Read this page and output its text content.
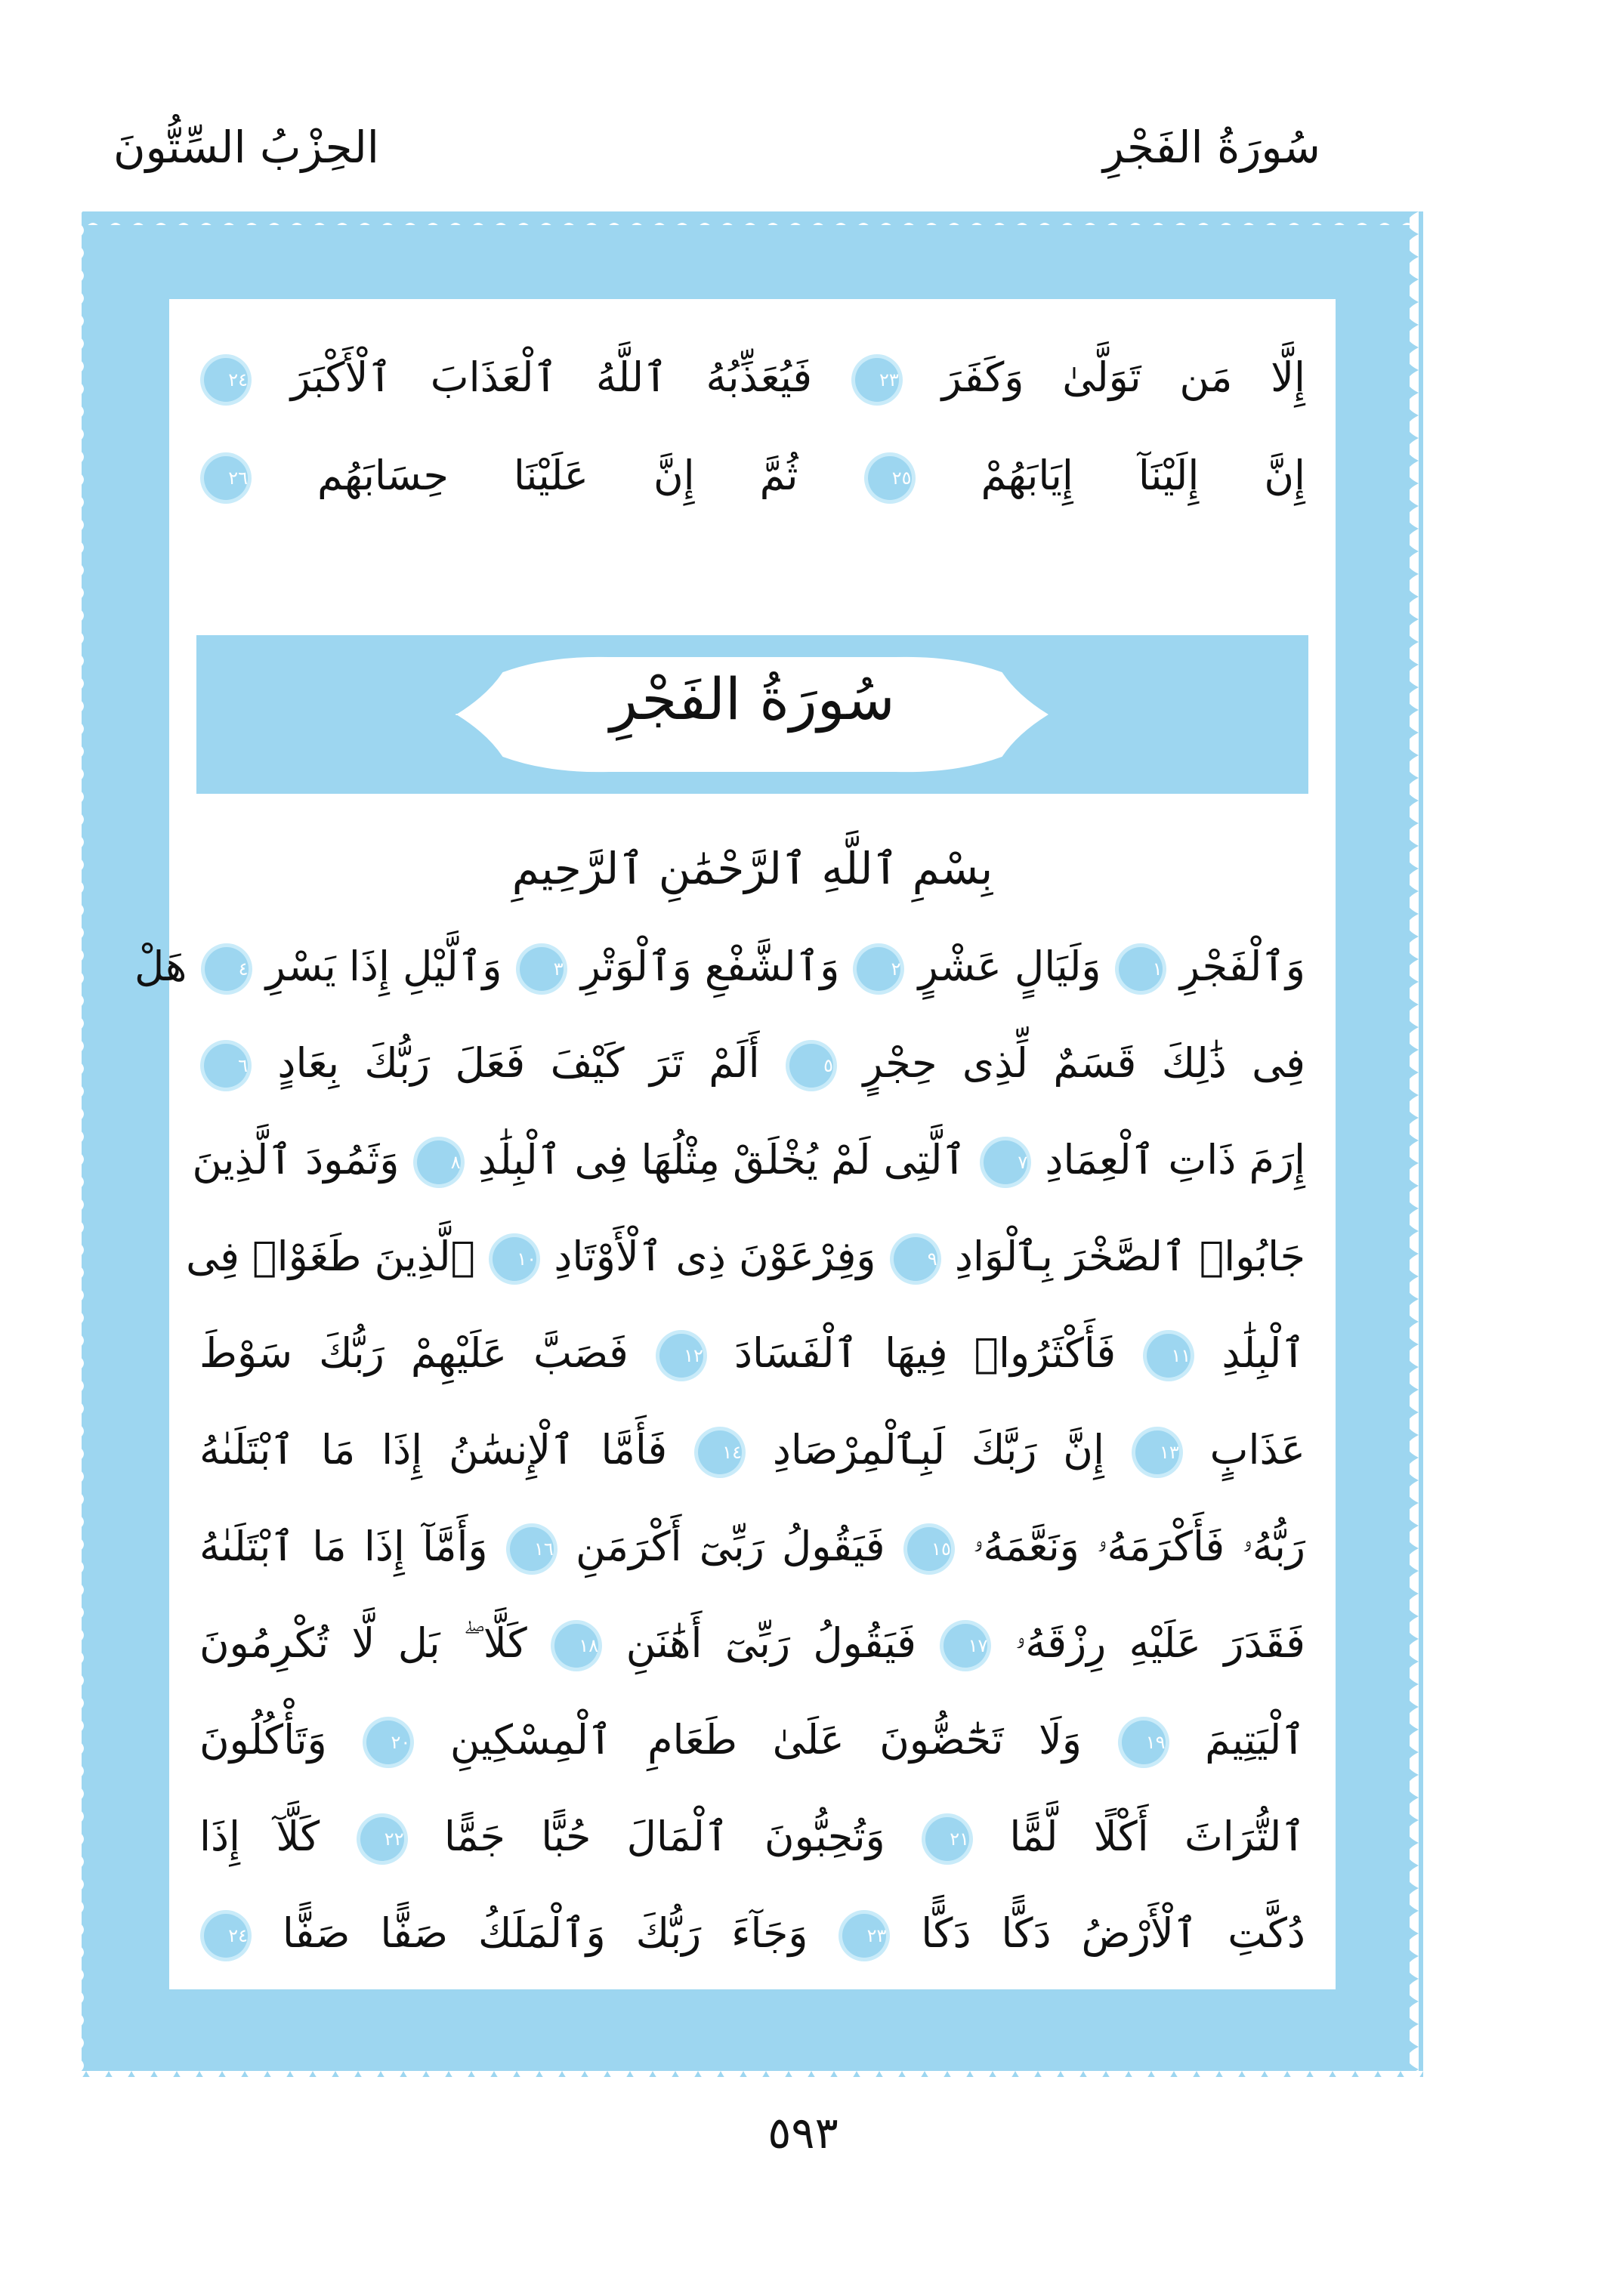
سُورَةُ الفَجْرِ
الحِزْبُ السِّتُّونَ
إِلَّا مَن تَوَلَّىٰ وَكَفَرَ ٢٣ فَيُعَذِّبُهُ ٱللَّهُ ٱلْعَذَابَ ٱلْأَكْبَرَ ٢٤
إِنَّ إِلَيْنَآ إِيَابَهُمْ ٢٥ ثُمَّ إِنَّ عَلَيْنَا حِسَابَهُم ٢٦
وَٱلْفَجْرِ ١ وَلَيَالٍ عَشْرٍ ٢ وَٱلشَّفْعِ وَٱلْوَتْرِ ٣ وَٱلَّيْلِ إِذَا يَسْرِ ٤ هَلْ
فِى ذَٰلِكَ قَسَمٌ لِّذِى حِجْرٍ ٥ أَلَمْ تَرَ كَيْفَ فَعَلَ رَبُّكَ بِعَادٍ ٦
إِرَمَ ذَاتِ ٱلْعِمَادِ ٧ ٱلَّتِى لَمْ يُخْلَقْ مِثْلُهَا فِى ٱلْبِلَٰدِ ٨ وَثَمُودَ ٱلَّذِينَ
جَابُوا۟ ٱلصَّخْرَ بِٱلْوَادِ ٩ وَفِرْعَوْنَ ذِى ٱلْأَوْتَادِ ١٠ ٱلَّذِينَ طَغَوْا۟ فِى
ٱلْبِلَٰدِ ١١ فَأَكْثَرُوا۟ فِيهَا ٱلْفَسَادَ ١٢ فَصَبَّ عَلَيْهِمْ رَبُّكَ سَوْطَ
عَذَابٍ ١٣ إِنَّ رَبَّكَ لَبِٱلْمِرْصَادِ ١٤ فَأَمَّا ٱلْإِنسَٰنُ إِذَا مَا ٱبْتَلَىٰهُ
رَبُّهُۥ فَأَكْرَمَهُۥ وَنَعَّمَهُۥ ١٥ فَيَقُولُ رَبِّىٓ أَكْرَمَنِ ١٦ وَأَمَّآ إِذَا مَا ٱبْتَلَىٰهُ
فَقَدَرَ عَلَيْهِ رِزْقَهُۥ ١٧ فَيَقُولُ رَبِّىٓ أَهَٰنَنِ ١٨ كَلَّا ۖ بَل لَّا تُكْرِمُونَ
ٱلْيَتِيمَ ١٩ وَلَا تَحَٰٓضُّونَ عَلَىٰ طَعَامِ ٱلْمِسْكِينِ ٢٠ وَتَأْكُلُونَ
ٱلتُّرَاثَ أَكْلًا لَّمًّا ٢١ وَتُحِبُّونَ ٱلْمَالَ حُبًّا جَمًّا ٢٢ كَلَّآ إِذَا
دُكَّتِ ٱلْأَرْضُ دَكًّا دَكًّا ٢٣ وَجَآءَ رَبُّكَ وَٱلْمَلَكُ صَفًّا صَفًّا ٢٤
سُورَةُ الفَجْرِ
بِسْمِ ٱللَّهِ ٱلرَّحْمَٰنِ ٱلرَّحِيمِ
٥٩٣
